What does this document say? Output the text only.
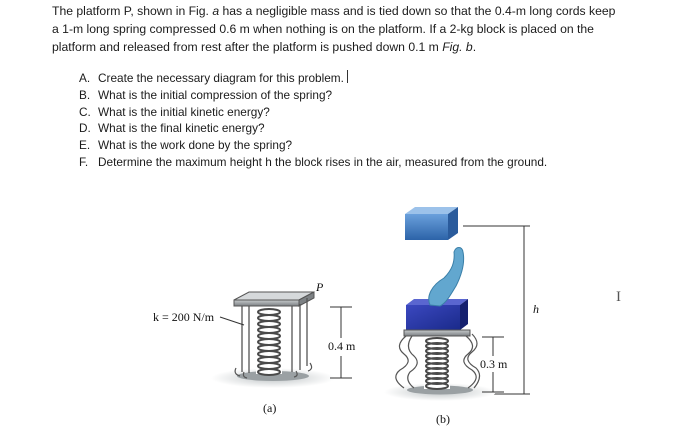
The platform P, shown in Fig. a has a negligible mass and is tied down so that the 0.4-m long cords keep

a 1-m long spring compressed 0.6 m when nothing is on the platform. If a 2-kg block is placed on the

platform and released from rest after the platform is pushed down 0.1 m Fig. b.

A. Create the necessary diagram for this problem.
B. What is the initial compression of the spring?
C. What is the initial kinetic energy?
D. What is the final kinetic energy?
E. What is the work done by the spring?
F. Determine the maximum height h the block rises in the air, measured from the ground.
0.4 m
k = 200 N/m
P
(a)
h
0.3 m
(b)
I
